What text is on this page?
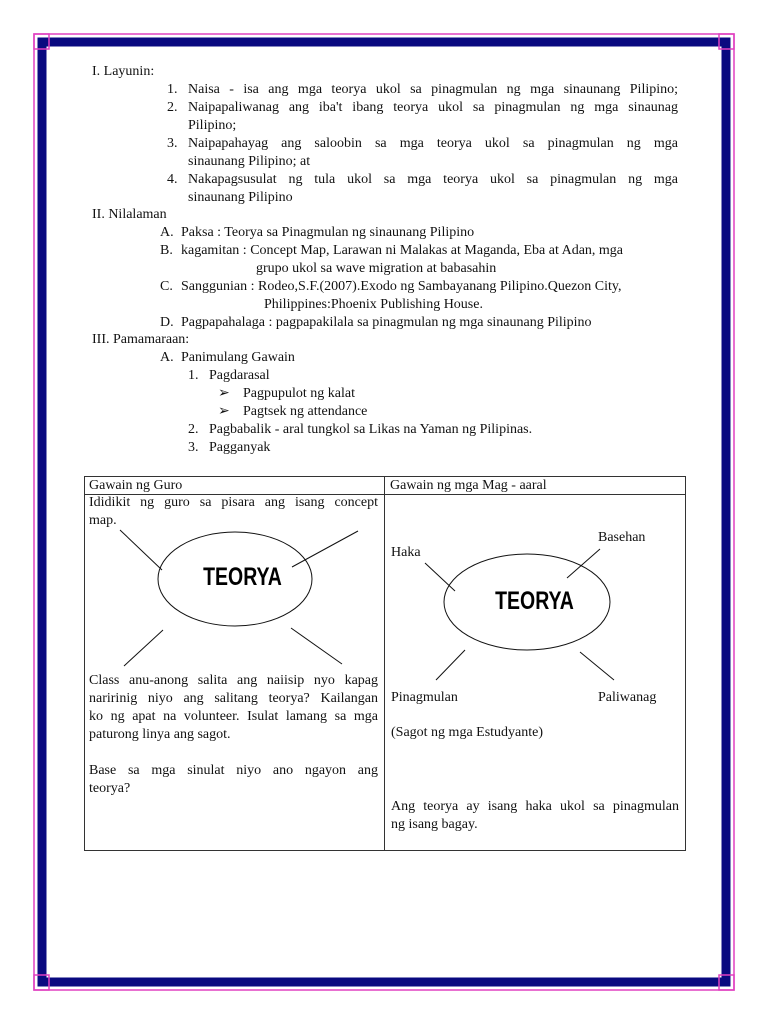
I. Layunin:
1. Naisa - isa ang mga teorya ukol sa pinagmulan ng mga sinaunang Pilipino;
2. Naipapaliwanag ang iba't ibang teorya ukol sa pinagmulan ng mga sinaunag
Pilipino;
3. Naipapahayag ang saloobin sa mga teorya ukol sa pinagmulan ng mga
sinaunang Pilipino; at
4. Nakapagsusulat ng tula ukol sa mga teorya ukol sa pinagmulan ng mga
sinaunang Pilipino
II. Nilalaman
A. Paksa : Teorya sa Pinagmulan ng sinaunang Pilipino
B. kagamitan : Concept Map, Larawan ni Malakas at Maganda, Eba at Adan, mga
grupo ukol sa wave migration at babasahin
C. Sanggunian : Rodeo,S.F.(2007).Exodo ng Sambayanang Pilipino.Quezon City,
Philippines:Phoenix Publishing House.
D. Pagpapahalaga : pagpapakilala sa pinagmulan ng mga sinaunang Pilipino
III. Pamamaraan:
A. Panimulang Gawain
1. Pagdarasal
➢ Pagpupulot ng kalat
➢ Pagtsek ng attendance
2. Pagbabalik - aral tungkol sa Likas na Yaman ng Pilipinas.
3. Pagganyak
Gawain ng Guro	Gawain ng mga Mag - aaral
Ididikit ng guro sa pisara ang isang concept
map.
TEORYA
Class anu-anong salita ang naiisip nyo kapag
naririnig niyo ang salitang teorya? Kailangan
ko ng apat na volunteer. Isulat lamang sa mga
paturong linya ang sagot.
Base sa mga sinulat niyo ano ngayon ang
teorya?
Haka
Basehan
TEORYA
Pinagmulan	Paliwanag
(Sagot ng mga Estudyante)
Ang teorya ay isang haka ukol sa pinagmulan
ng isang bagay.
